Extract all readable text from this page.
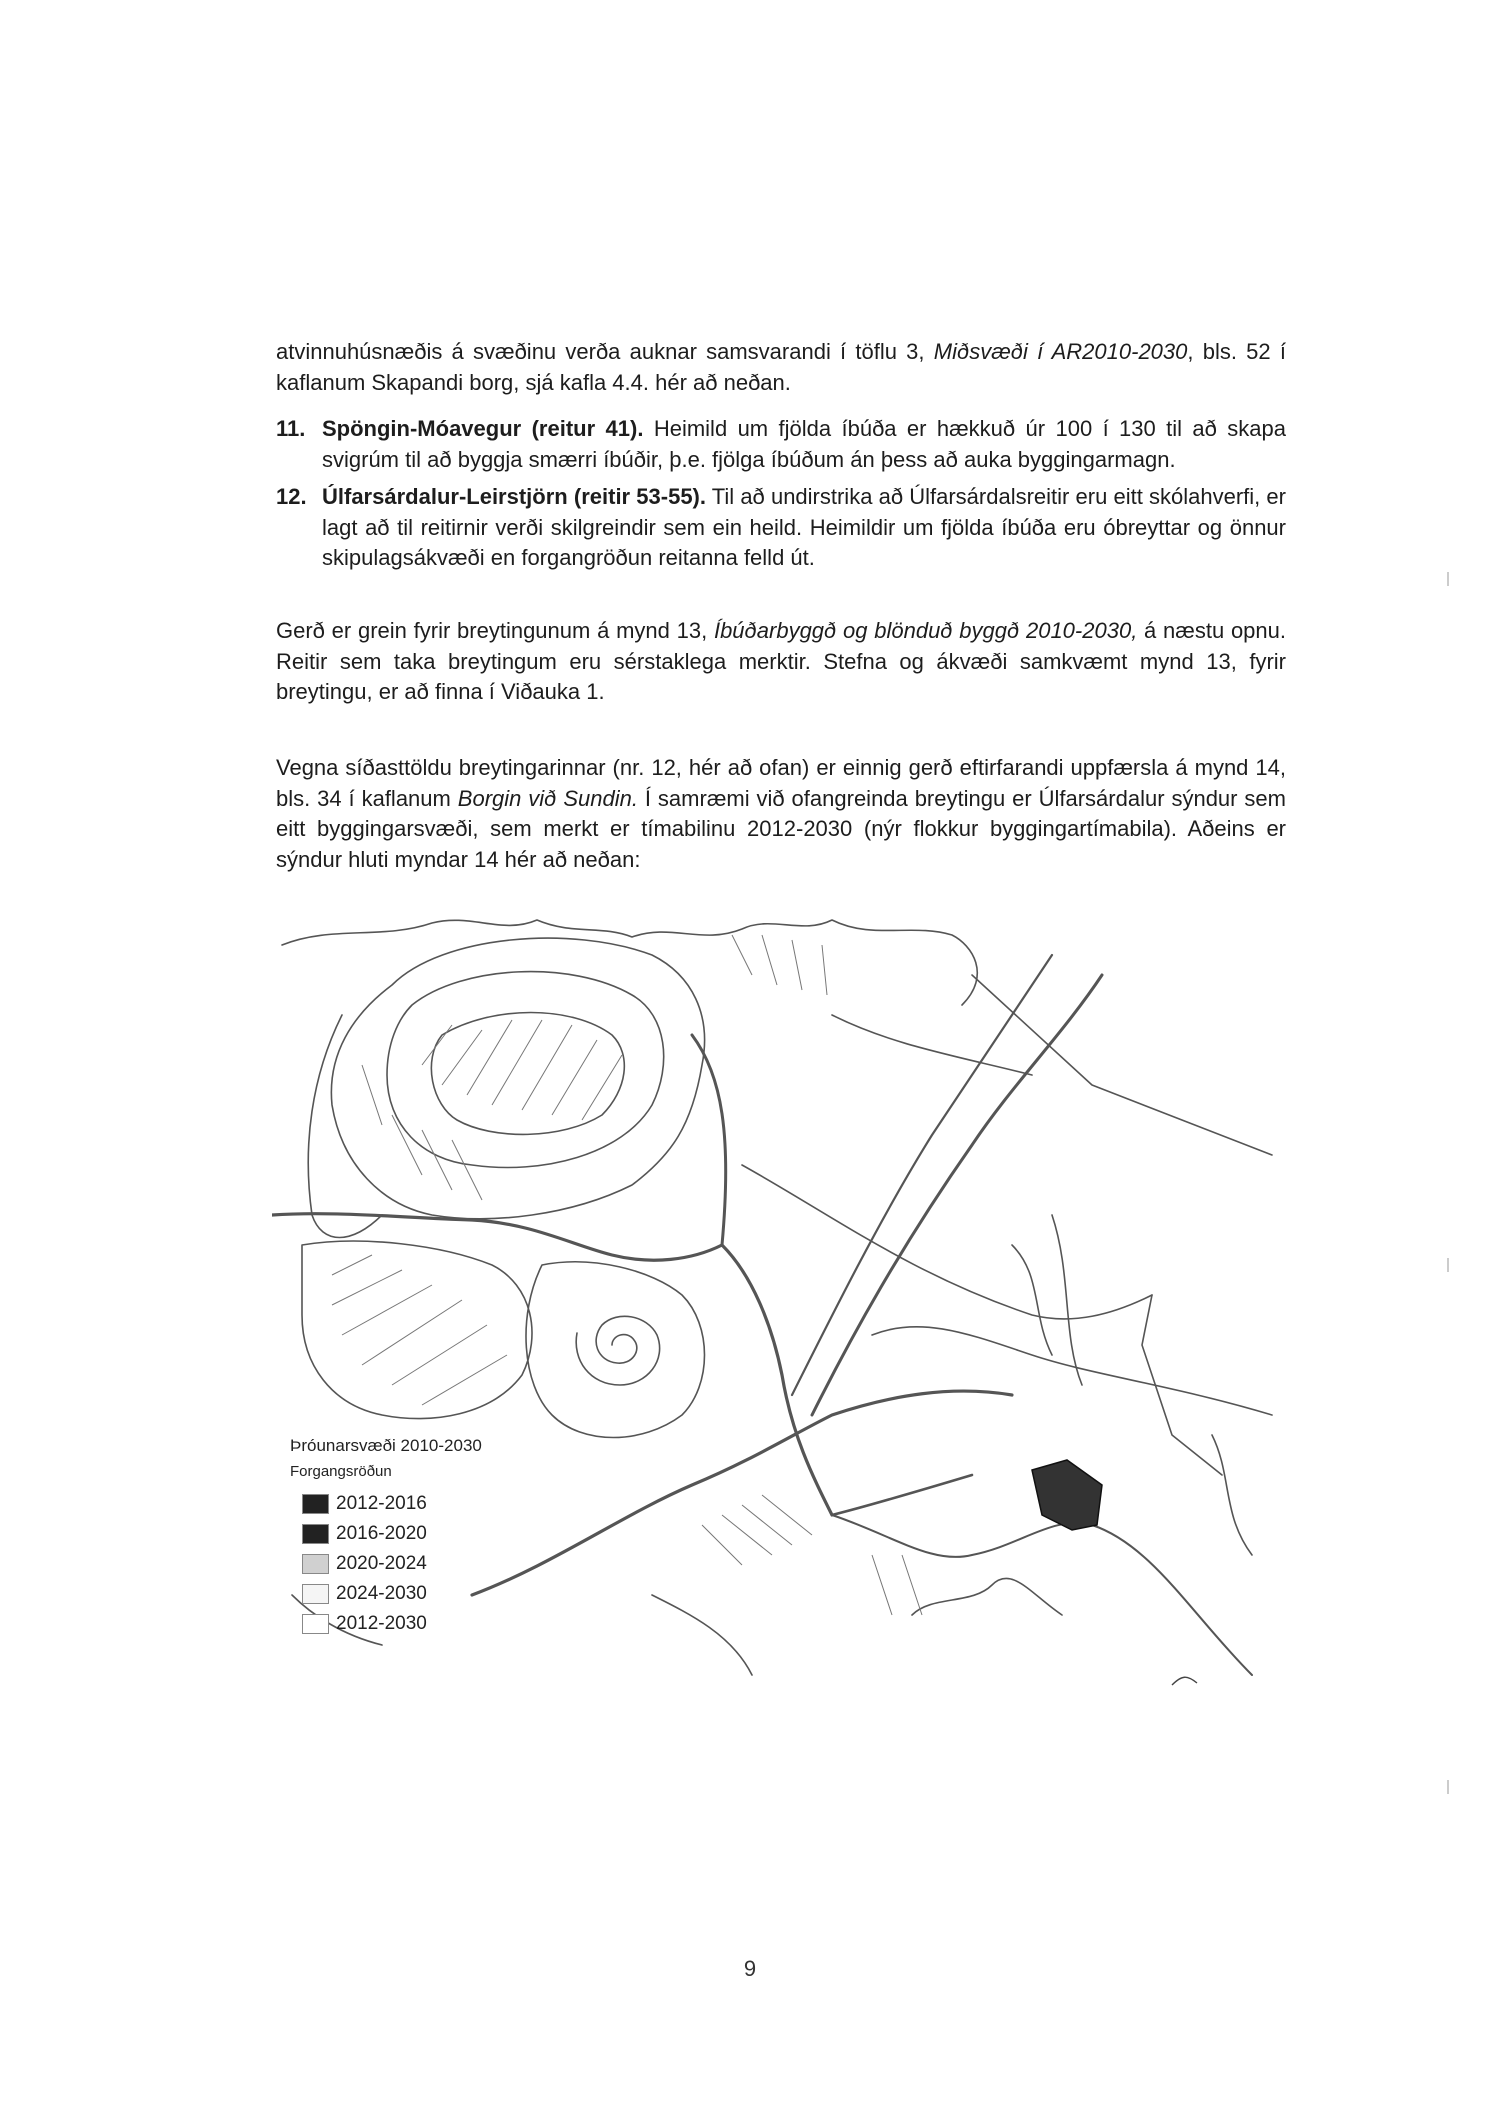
atvinnuhúsnæðis á svæðinu verða auknar samsvarandi í töflu 3, Miðsvæði í AR2010-2030, bls. 52 í kaflanum Skapandi borg, sjá kafla 4.4. hér að neðan.
11. Spöngin-Móavegur (reitur 41). Heimild um fjölda íbúða er hækkuð úr 100 í 130 til að skapa svigrúm til að byggja smærri íbúðir, þ.e. fjölga íbúðum án þess að auka byggingarmagn.
12. Úlfarsárdalur-Leirstjörn (reitir 53-55). Til að undirstrika að Úlfarsárdalsreitir eru eitt skólahverfi, er lagt að til reitirnir verði skilgreindir sem ein heild. Heimildir um fjölda íbúða eru óbreyttar og önnur skipulagsákvæði en forgangröðun reitanna felld út.
Gerð er grein fyrir breytingunum á mynd 13, Íbúðarbyggð og blönduð byggð 2010-2030, á næstu opnu. Reitir sem taka breytingum eru sérstaklega merktir. Stefna og ákvæði samkvæmt mynd 13, fyrir breytingu, er að finna í Viðauka 1.
Vegna síðasttöldu breytingarinnar (nr. 12, hér að ofan) er einnig gerð eftirfarandi uppfærsla á mynd 14, bls. 34 í kaflanum Borgin við Sundin. Í samræmi við ofangreinda breytingu er Úlfarsárdalur sýndur sem eitt byggingarsvæði, sem merkt er tímabilinu 2012-2030 (nýr flokkur byggingartímabila). Aðeins er sýndur hluti myndar 14 hér að neðan:
Þróunarsvæði 2010-2030
Forgangsröðun
2012-2016
2016-2020
2020-2024
2024-2030
2012-2030
9
